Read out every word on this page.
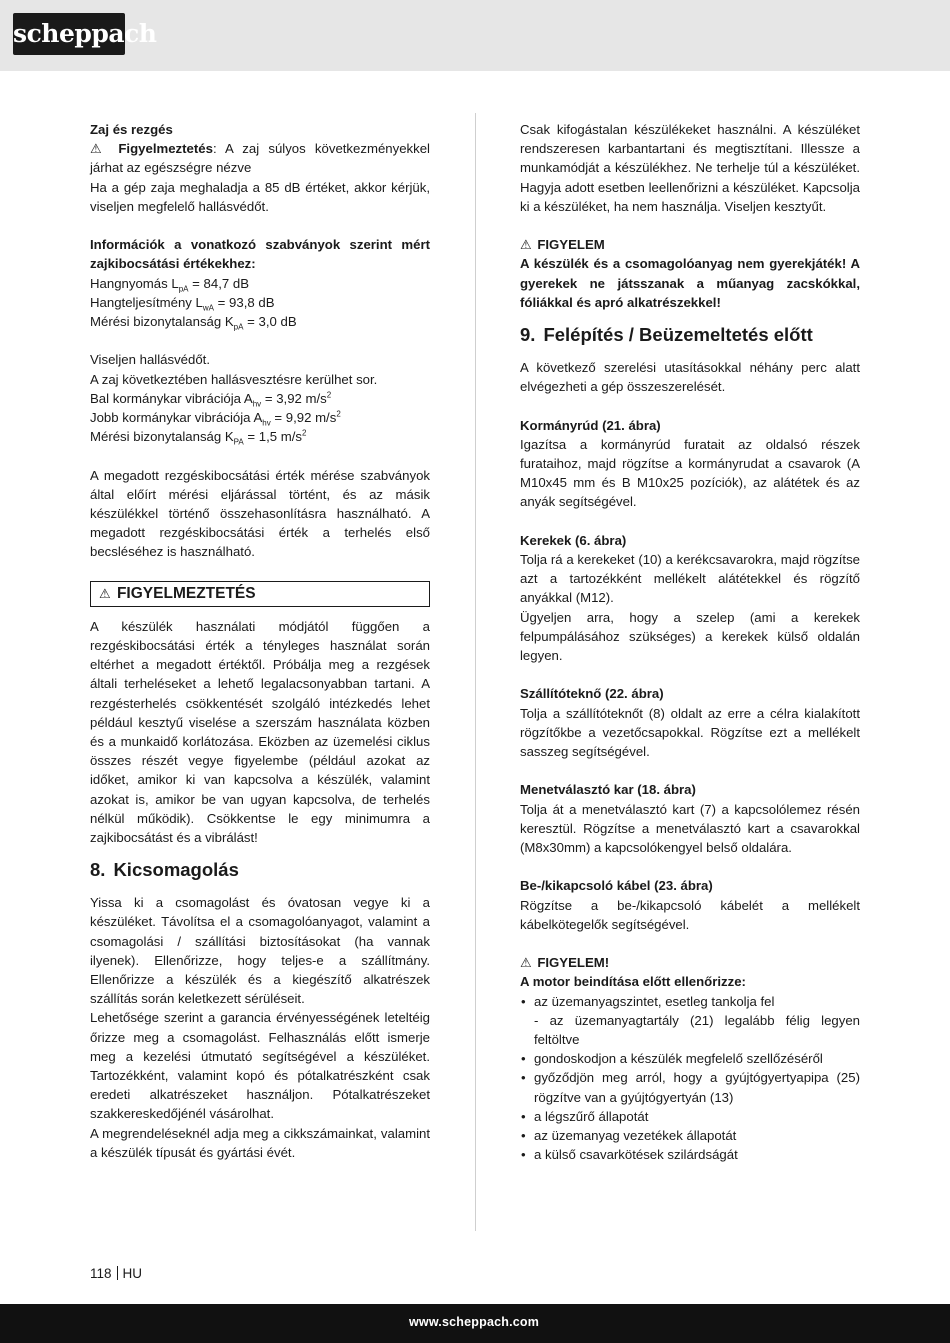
scheppach

Zaj és rezgés

⚠ Figyelmeztetés: A zaj súlyos következményekkel járhat az egészségre nézve

Ha a gép zaja meghaladja a 85 dB értéket, akkor kérjük, viseljen megfelelő hallásvédőt.

Információk a vonatkozó szabványok szerint mért zajkibocsátási értékekhez:

Hangnyomás $L_{pA} = 84,7$ dB

Hangteljesítmény $L_{wA} = 93,8$ dB

Mérési bizonytalanság $K_{pA} = 3,0$ dB

Viseljen hallásvédőt.

A zaj következtében hallásvesztésre kerülhet sor.

Bal kormánykar vibrációja $A_{hv} = 3,92$ $m/s^2$

Jobb kormánykar vibrációja $A_{hv} = 9,92$ $m/s^2$

Mérési bizonytalanság $K_{PA} = 1,5$ $m/s^2$

A megadott rezgéskibocsátási érték mérése szabványok által előírt mérési eljárással történt, és az másik készülékkel történő összehasonlításra használható. A megadott rezgéskibocsátási érték a terhelés első becsléséhez is használható.

⚠ FIGYELMEZTETÉS

A készülék használati módjától függően a rezgéskibocsátási érték a tényleges használat során eltérhet a megadott értéktől. Próbálja meg a rezgések általi terheléseket a lehető legalacsonyabban tartani. A rezgésterhelés csökkentését szolgáló intézkedés lehet például kesztyű viselése a szerszám használata közben és a munkaidő korlátozása. Eközben az üzemelési ciklus összes részét vegye figyelembe (például azokat az időket, amikor ki van kapcsolva a készülék, valamint azokat is, amikor be van ugyan kapcsolva, de terhelés nélkül működik). Csökkentse le egy minimumra a zajkibocsátást és a vibrálást!

8. Kicsomagolás

Yissa ki a csomagolást és óvatosan vegye ki a készüléket. Távolítsa el a csomagolóanyagot, valamint a csomagolási / szállítási biztosításokat (ha vannak ilyenek). Ellenőrizze, hogy teljes-e a szállítmány. Ellenőrizze a készülék és a kiegészítő alkatrészek szállítás során keletkezett sérüléseit.

Lehetősége szerint a garancia érvényességének leteltéig őrizze meg a csomagolást. Felhasználás előtt ismerje meg a kezelési útmutató segítségével a készüléket. Tartozékként, valamint kopó és pótalkatrészként csak eredeti alkatrészeket használjon. Pótalkatrészeket szakkereskedőjénél vásárolhat.

A megrendeléseknél adja meg a cikkszámainkat, valamint a készülék típusát és gyártási évét.

Csak kifogástalan készülékeket használni. A készüléket rendszeresen karbantartani és megtisztítani. Illessze a munkamódját a készülékhez. Ne terhelje túl a készüléket. Hagyja adott esetben leellenőrizni a készüléket. Kapcsolja ki a készüléket, ha nem használja. Viseljen kesztyűt.

⚠ FIGYELEM

A készülék és a csomagolóanyag nem gyerekjáték! A gyerekek ne játsszanak a műanyag zacskókkal, fóliákkal és apró alkatrészekkel!

9. Felépítés / Beüzemeltetés előtt

A következő szerelési utasításokkal néhány perc alatt elvégezheti a gép összeszerelését.

Kormányrúd (21. ábra)

Igazítsa a kormányrúd furatait az oldalsó részek furataihoz, majd rögzítse a kormányrudat a csavarok (A M10x45 mm és B M10x25 pozíciók), az alátétek és az anyák segítségével.

Kerekek (6. ábra)

Tolja rá a kerekeket (10) a kerékcsavarokra, majd rögzítse azt a tartozékként mellékelt alátétekkel és rögzítő anyákkal (M12).

Ügyeljen arra, hogy a szelep (ami a kerekek felpumpálásához szükséges) a kerekek külső oldalán legyen.

Szállítóteknő (22. ábra)

Tolja a szállítóteknőt (8) oldalt az erre a célra kialakított rögzítőkbe a vezetőcsapokkal. Rögzítse ezt a mellékelt sasszeg segítségével.

Menetválasztó kar (18. ábra)

Tolja át a menetválasztó kart (7) a kapcsolólemez résén keresztül. Rögzítse a menetválasztó kart a csavarokkal (M8x30mm) a kapcsolókengyel belső oldalára.

Be-/kikapcsoló kábel (23. ábra)

Rögzítse a be-/kikapcsoló kábelét a mellékelt kábelkötegelők segítségével.

⚠ FIGYELEM!

A motor beindítása előtt ellenőrizze:

• az üzemanyagszintet, esetleg tankolja fel
- az üzemanyagtartály (21) legalább félig legyen feltöltve
• gondoskodjon a készülék megfelelő szellőzéséről
• győződjön meg arról, hogy a gyújtógyertyapipa (25) rögzítve van a gyújtógyertyán (13)
• a légszűrő állapotát
• az üzemanyag vezetékek állapotát
• a külső csavarkötések szilárdságát
118 HU
www.scheppach.com
